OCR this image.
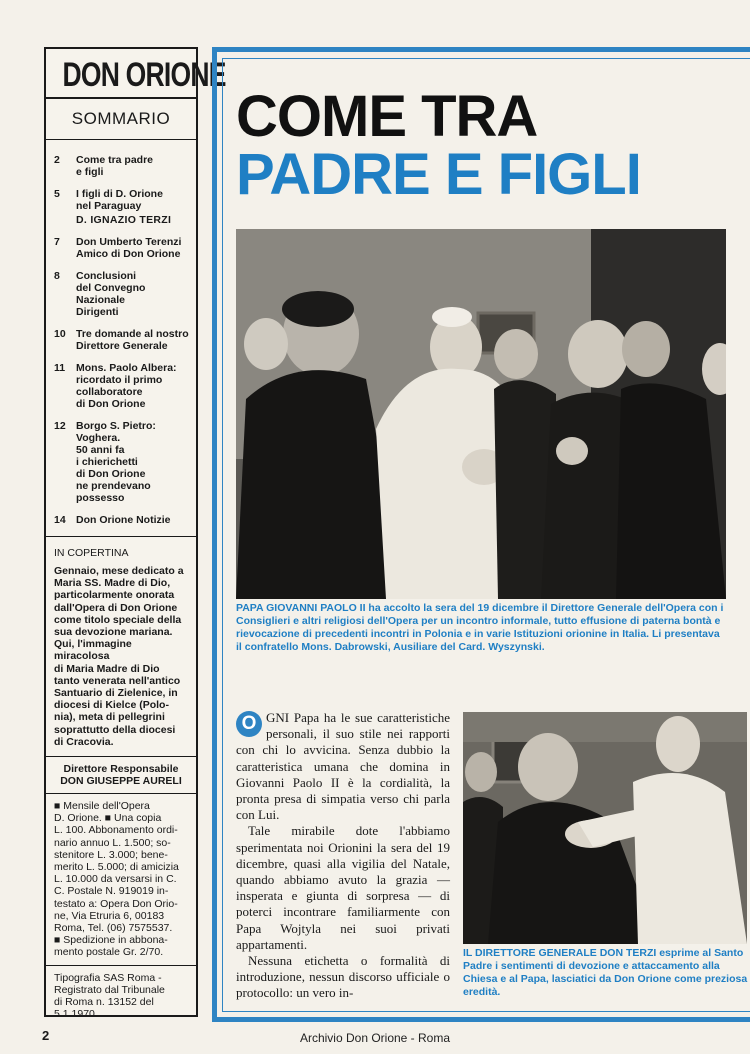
DON ORIONE
SOMMARIO
2	Come tra padre
e figli
5	I figli di D. Orione
nel Paraguay
D. IGNAZIO TERZI
7	Don Umberto Terenzi
Amico di Don Orione
8	Conclusioni
del Convegno
Nazionale
Dirigenti
10 Tre domande al nostro
Direttore Generale
11	Mons. Paolo Albera:
ricordato il primo
collaboratore
di Don Orione
12 Borgo S. Pietro:
Voghera.
50 anni fa
i chierichetti
di Don Orione
ne prendevano
possesso
14 Don Orione Notizie
IN COPERTINA
Gennaio, mese dedicato a
Maria SS. Madre di Dio,
particolarmente onorata
dall'Opera di Don Orione
come titolo speciale della
sua devozione mariana.
Qui, l'immagine miracolosa
di Maria Madre di Dio
tanto venerata nell'antico
Santuario di Zielenice, in
diocesi di Kielce (Polo-
nia), meta di pellegrini
soprattutto della diocesi
di Cracovia.
Direttore Responsabile
DON GIUSEPPE AURELI
■ Mensile dell'Opera
D. Orione. ■ Una copia
L. 100. Abbonamento ordi-
nario annuo L. 1.500; so-
stenitore L. 3.000; bene-
merito L. 5.000; di amicizia
L. 10.000 da versarsi in C.
C. Postale N. 919019 in-
testato a: Opera Don Orio-
ne, Via Etruria 6, 00183
Roma, Tel. (06) 7575537.
■ Spedizione in abbona-
mento postale Gr. 2/70.
Tipografia SAS Roma -
Registrato dal Tribunale
di Roma n. 13152 del
5.1.1970.
COME TRA
PADRE E FIGLI
PAPA GIOVANNI PAOLO II ha accolto la sera del 19 dicembre il Direttore Generale dell'Opera con i Consiglieri e altri religiosi dell'Opera per un incontro informale, tutto effusione di paterna bontà e rievocazione di precedenti incontri in Polonia e in varie Istituzioni orionine in Italia. Li presentava il confratello Mons. Dabrowski, Ausiliare del Card. Wyszynski.

O GNI Papa ha le sue caratteristiche personali, il suo stile nei rapporti con chi lo avvicina. Senza dubbio la caratteristica umana che domina in Giovanni Paolo II è la cordialità, la pronta presa di simpatia verso chi parla con Lui.

Tale mirabile dote l'abbiamo sperimentata noi Orionini la sera del 19 dicembre, quasi alla vigilia del Natale, quando abbiamo avuto la grazia — insperata e giunta di sorpresa — di poterci incontrare familiarmente con Papa Wojtyla nei suoi privati appartamenti.

Nessuna etichetta o formalità di introduzione, nessun discorso ufficiale o protocollo: un vero in-

IL DIRETTORE GENERALE DON TERZI esprime al Santo Padre i sentimenti di devozione e attaccamento alla Chiesa e al Papa, lasciatici da Don Orione come preziosa eredità.
2	Archivio Don Orione - Roma
